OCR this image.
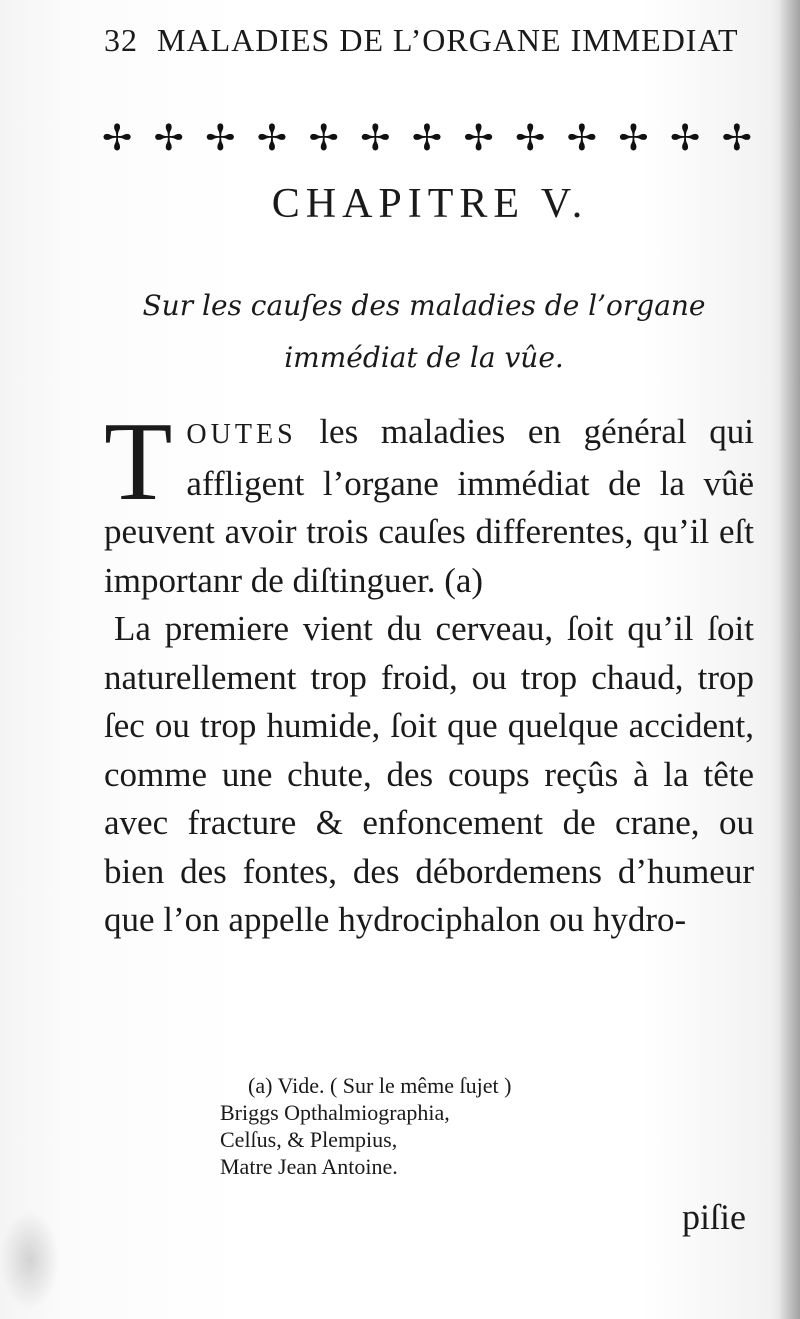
32 MALADIES DE L’ORGANE IMMEDIAT
✢ ✢ ✢ ✢ ✢ ✢ ✢ ✢ ✢ ✢ ✢ ✢ ✢
CHAPITRE V.
Sur les cauſes des maladies de l’organe
immédiat de la vûe.

TOUTES les maladies en général qui affligent l’organe immédiat de la vûë peuvent avoir trois cauſes differentes, qu’il eſt importanr de diſtinguer. (a)

La premiere vient du cerveau, ſoit qu’il ſoit naturellement trop froid, ou trop chaud, trop ſec ou trop humide, ſoit que quelque accident, comme une chute, des coups reçûs à la tête avec fracture & enfoncement de crane, ou bien des fontes, des débordemens d’humeur que l’on appelle hydrociphalon ou hydro-

(a) Vide. ( Sur le même ſujet )
Briggs Opthalmiographia,
Celſus, & Plempius,
Matre Jean Antoine.
piſie
